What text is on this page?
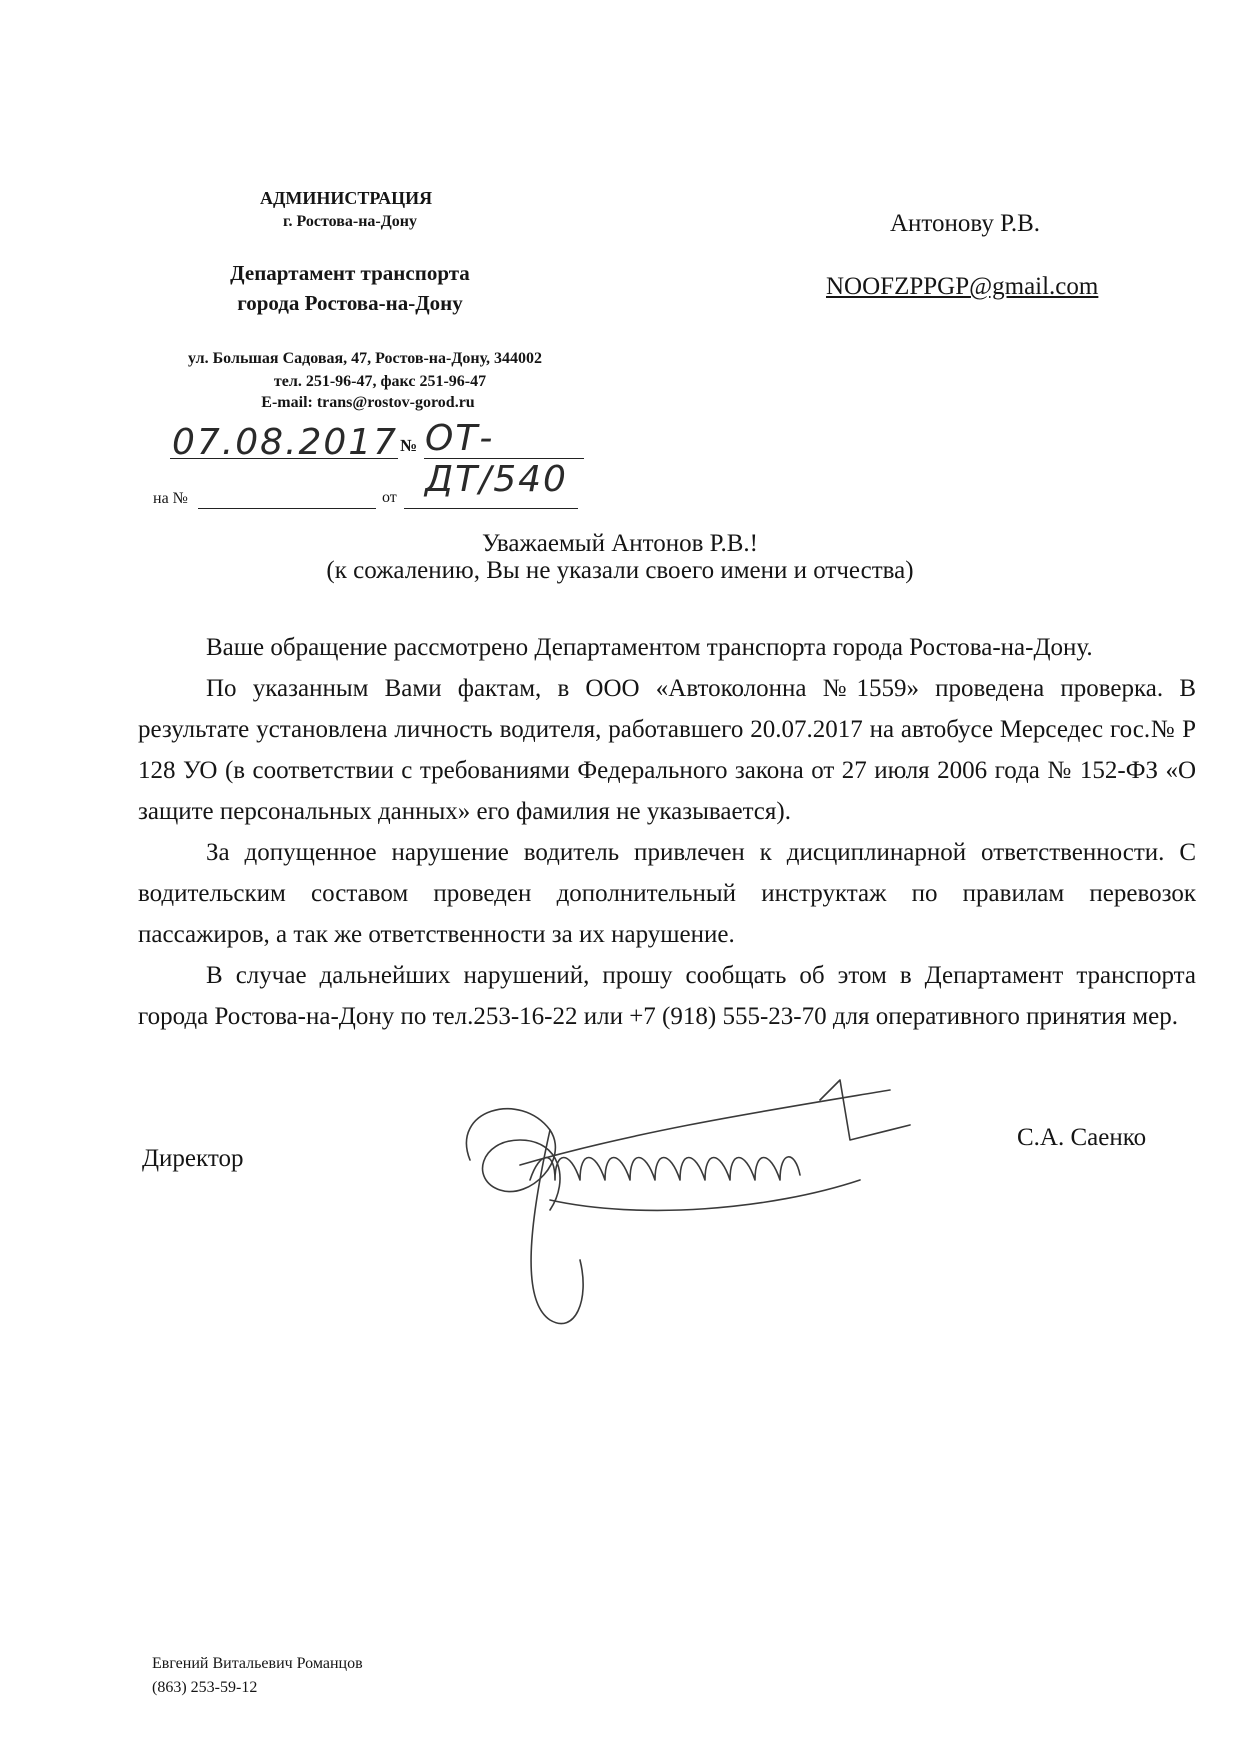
АДМИНИСТРАЦИЯ
г. Ростова-на-Дону
Департамент транспорта
города Ростова-на-Дону
ул. Большая Садовая, 47, Ростов-на-Дону, 344002
тел. 251-96-47, факс 251-96-47
E-mail: trans@rostov-gorod.ru
07.08.2017 № ОТ-ДТ/540
на №	от
Антонову Р.В.
NOOFZPPGP@gmail.com
Уважаемый Антонов Р.В.!
(к сожалению, Вы не указали своего имени и отчества)

Ваше обращение рассмотрено Департаментом транспорта города Ростова-на-Дону.

По указанным Вами фактам, в ООО «Автоколонна №1559» проведена проверка. В результате установлена личность водителя, работавшего 20.07.2017 на автобусе Мерседес гос.№ Р 128 УО (в соответствии с требованиями Федерального закона от 27 июля 2006 года № 152-ФЗ «О защите персональных данных» его фамилия не указывается).

За допущенное нарушение водитель привлечен к дисциплинарной ответственности. С водительским составом проведен дополнительный инструктаж по правилам перевозок пассажиров, а так же ответственности за их нарушение.

В случае дальнейших нарушений, прошу сообщать об этом в Департамент транспорта города Ростова-на-Дону по тел.253-16-22 или +7 (918) 555-23-70 для оперативного принятия мер.

Директор
С.А. Саенко
Евгений Витальевич Романцов
(863) 253-59-12
